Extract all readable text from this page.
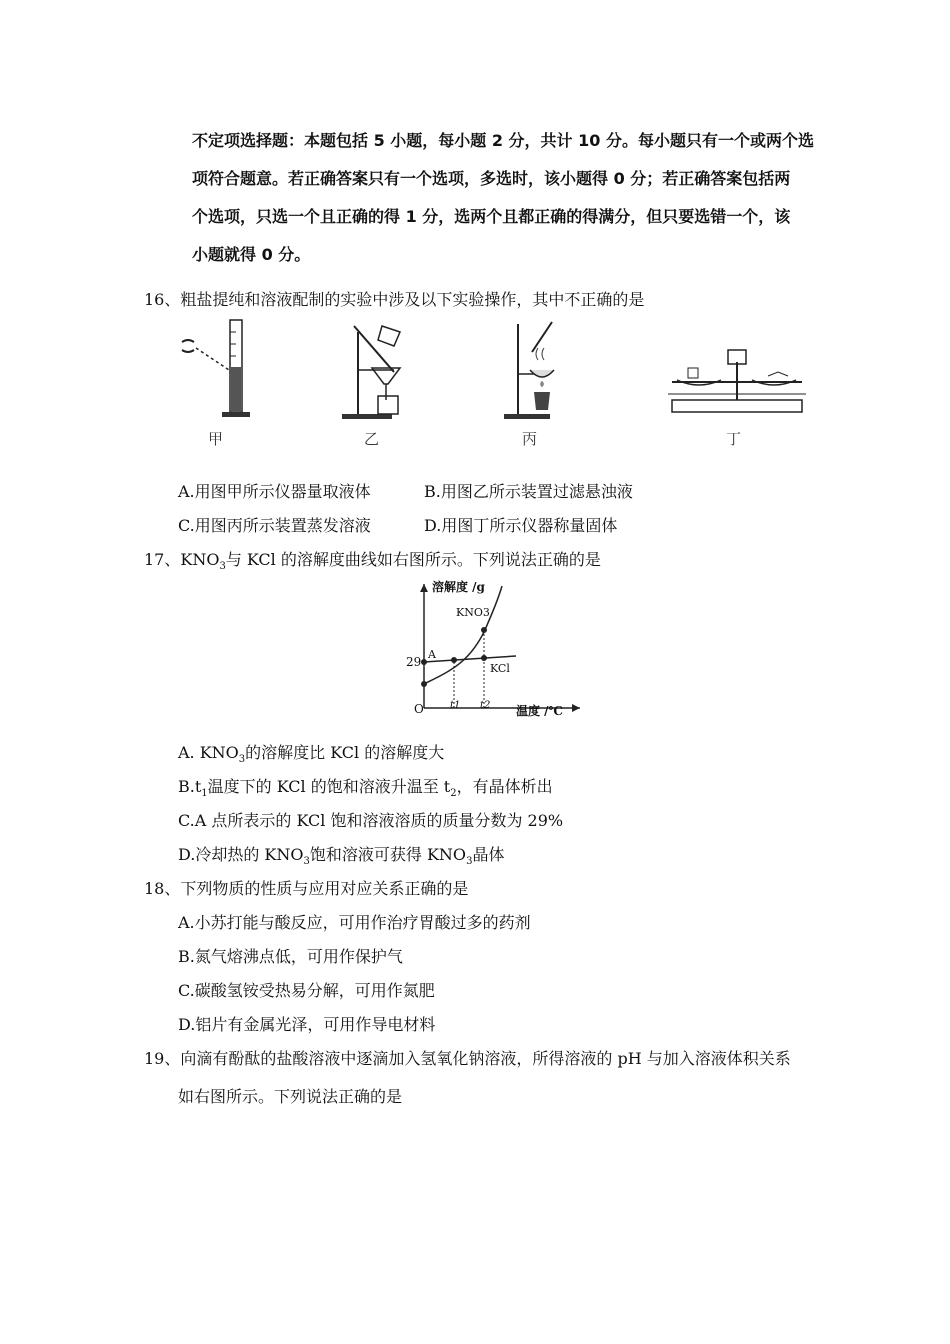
不定项选择题：本题包括 5 小题，每小题 2 分，共计 10 分。每小题只有一个或两个选
项符合题意。若正确答案只有一个选项，多选时，该小题得 0 分；若正确答案包括两
个选项，只选一个且正确的得 1 分，选两个且都正确的得满分，但只要选错一个，该
小题就得 0 分。
16、粗盐提纯和溶液配制的实验中涉及以下实验操作，其中不正确的是
甲	乙	丙	丁
A.用图甲所示仪器量取液体	B.用图乙所示装置过滤悬浊液
C.用图丙所示装置蒸发溶液	D.用图丁所示仪器称量固体
17、$KNO_3$与 KCl 的溶解度曲线如右图所示。下列说法正确的是
溶解度 /g
温度 /℃
O
29
A
KNO3
KCl
t1 t2
A. $KNO_3$的溶解度比 KCl 的溶解度大
$B.t_1$温度下的 KCl 的饱和溶液升温至 $t_2$，有晶体析出
C.A 点所表示的 KCl 饱和溶液溶质的质量分数为 29%
D.冷却热的 $KNO_3$饱和溶液可获得 $KNO_3$晶体
18、下列物质的性质与应用对应关系正确的是
A.小苏打能与酸反应，可用作治疗胃酸过多的药剂
B.氮气熔沸点低，可用作保护气
C.碳酸氢铵受热易分解，可用作氮肥
D.铝片有金属光泽，可用作导电材料
19、向滴有酚酞的盐酸溶液中逐滴加入氢氧化钠溶液，所得溶液的 pH 与加入溶液体积关系
如右图所示。下列说法正确的是
